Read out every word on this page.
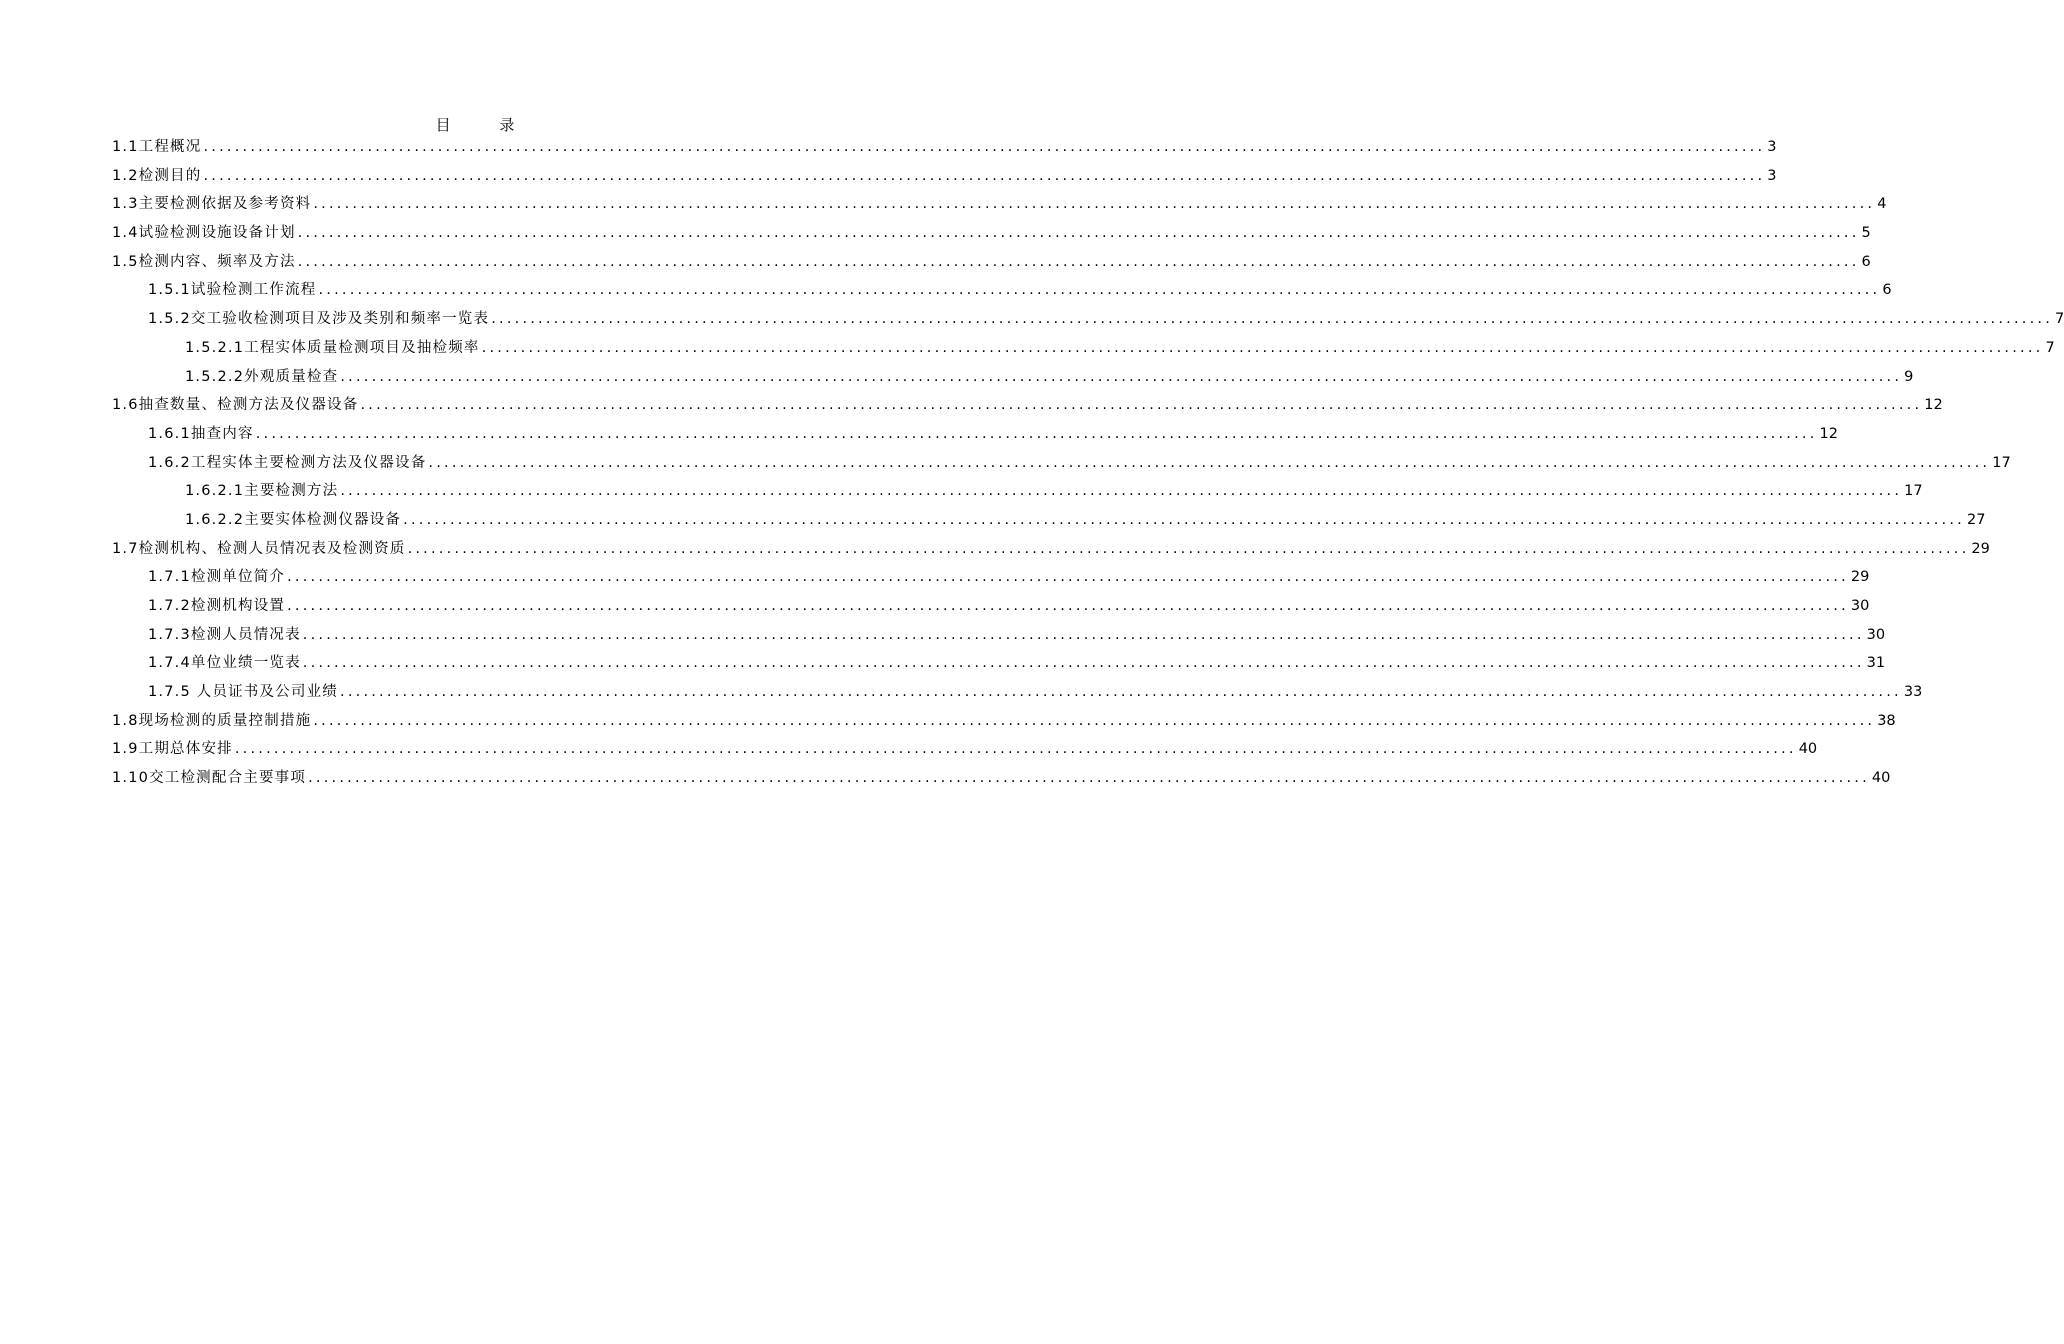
目 录
1.1工程概况 ........................................................................................................................................................................................................ 3
1.2检测目的 ........................................................................................................................................................................................................ 3
1.3主要检测依据及参考资料 ........................................................................................................................................................................................................ 4
1.4试验检测设施设备计划 ........................................................................................................................................................................................................ 5
1.5检测内容、频率及方法 ........................................................................................................................................................................................................ 6
1.5.1试验检测工作流程 ........................................................................................................................................................................................................ 6
1.5.2交工验收检测项目及涉及类别和频率一览表 ........................................................................................................................................................................................................ 7
1.5.2.1工程实体质量检测项目及抽检频率 ........................................................................................................................................................................................................ 7
1.5.2.2外观质量检查 ........................................................................................................................................................................................................ 9
1.6抽查数量、检测方法及仪器设备 ........................................................................................................................................................................................................ 12
1.6.1抽查内容 ........................................................................................................................................................................................................ 12
1.6.2工程实体主要检测方法及仪器设备 ........................................................................................................................................................................................................ 17
1.6.2.1主要检测方法 ........................................................................................................................................................................................................ 17
1.6.2.2主要实体检测仪器设备 ........................................................................................................................................................................................................ 27
1.7检测机构、检测人员情况表及检测资质 ........................................................................................................................................................................................................ 29
1.7.1检测单位简介 ........................................................................................................................................................................................................ 29
1.7.2检测机构设置 ........................................................................................................................................................................................................ 30
1.7.3检测人员情况表 ........................................................................................................................................................................................................ 30
1.7.4单位业绩一览表 ........................................................................................................................................................................................................ 31
1.7.5 人员证书及公司业绩 ........................................................................................................................................................................................................ 33
1.8现场检测的质量控制措施 ........................................................................................................................................................................................................ 38
1.9工期总体安排 ........................................................................................................................................................................................................ 40
1.10交工检测配合主要事项 ........................................................................................................................................................................................................ 40
